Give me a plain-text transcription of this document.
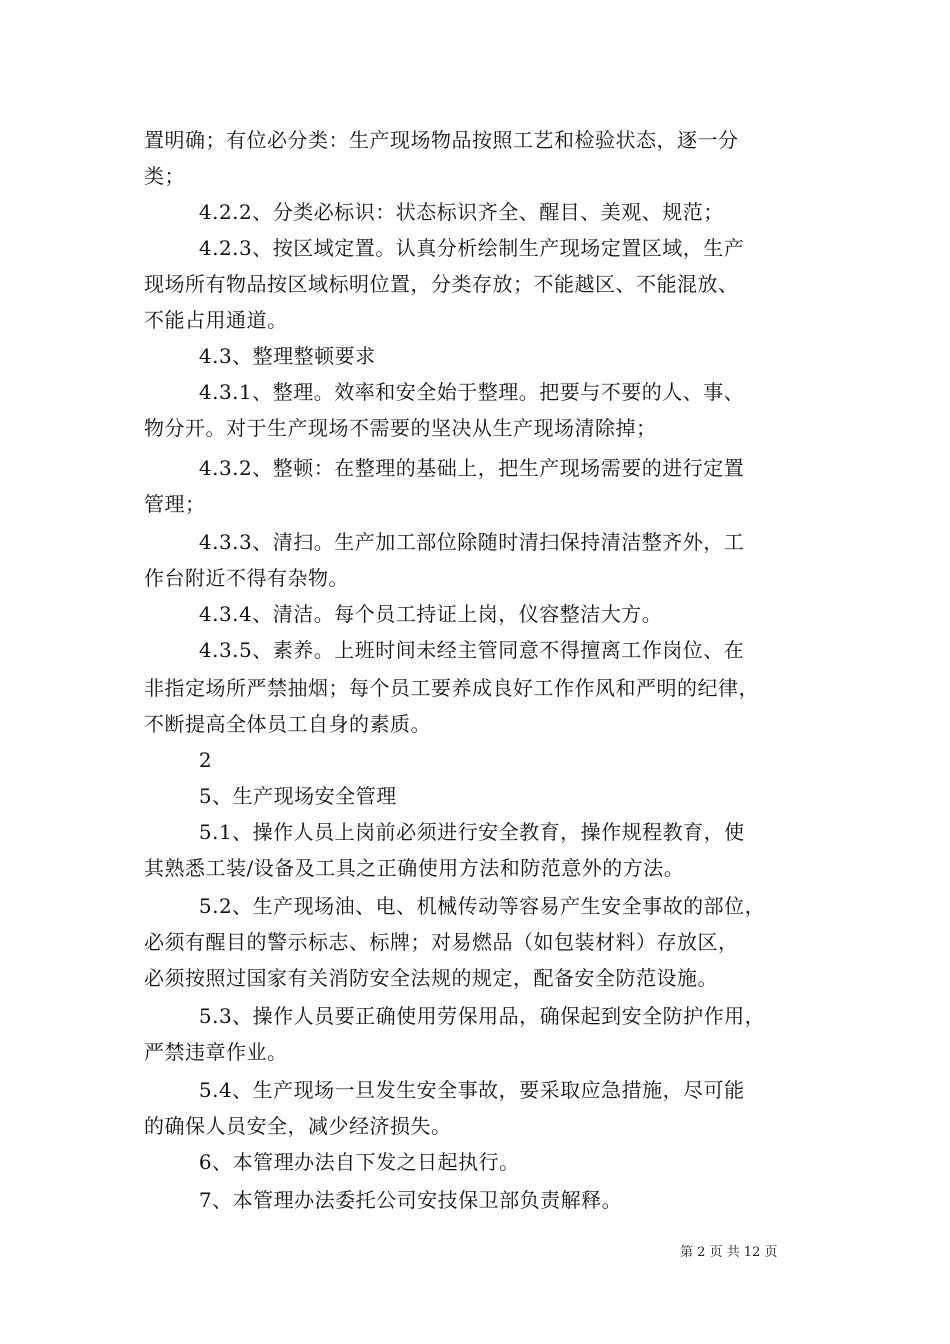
置明确；有位必分类：生产现场物品按照工艺和检验状态，逐一分
类；
4.2.2、分类必标识：状态标识齐全、醒目、美观、规范；
4.2.3、按区域定置。认真分析绘制生产现场定置区域，生产
现场所有物品按区域标明位置，分类存放；不能越区、不能混放、
不能占用通道。
4.3、整理整顿要求
4.3.1、整理。效率和安全始于整理。把要与不要的人、事、
物分开。对于生产现场不需要的坚决从生产现场清除掉；
4.3.2、整顿：在整理的基础上，把生产现场需要的进行定置
管理；
4.3.3、清扫。生产加工部位除随时清扫保持清洁整齐外，工
作台附近不得有杂物。
4.3.4、清洁。每个员工持证上岗，仪容整洁大方。
4.3.5、素养。上班时间未经主管同意不得擅离工作岗位、在
非指定场所严禁抽烟；每个员工要养成良好工作作风和严明的纪律，
不断提高全体员工自身的素质。
2
5、生产现场安全管理
5.1、操作人员上岗前必须进行安全教育，操作规程教育，使
其熟悉工装/设备及工具之正确使用方法和防范意外的方法。
5.2、生产现场油、电、机械传动等容易产生安全事故的部位，
必须有醒目的警示标志、标牌；对易燃品（如包装材料）存放区，
必须按照过国家有关消防安全法规的规定，配备安全防范设施。
5.3、操作人员要正确使用劳保用品，确保起到安全防护作用，
严禁违章作业。
5.4、生产现场一旦发生安全事故，要采取应急措施，尽可能
的确保人员安全，减少经济损失。
6、本管理办法自下发之日起执行。
7、本管理办法委托公司安技保卫部负责解释。
第 2 页 共 12 页
